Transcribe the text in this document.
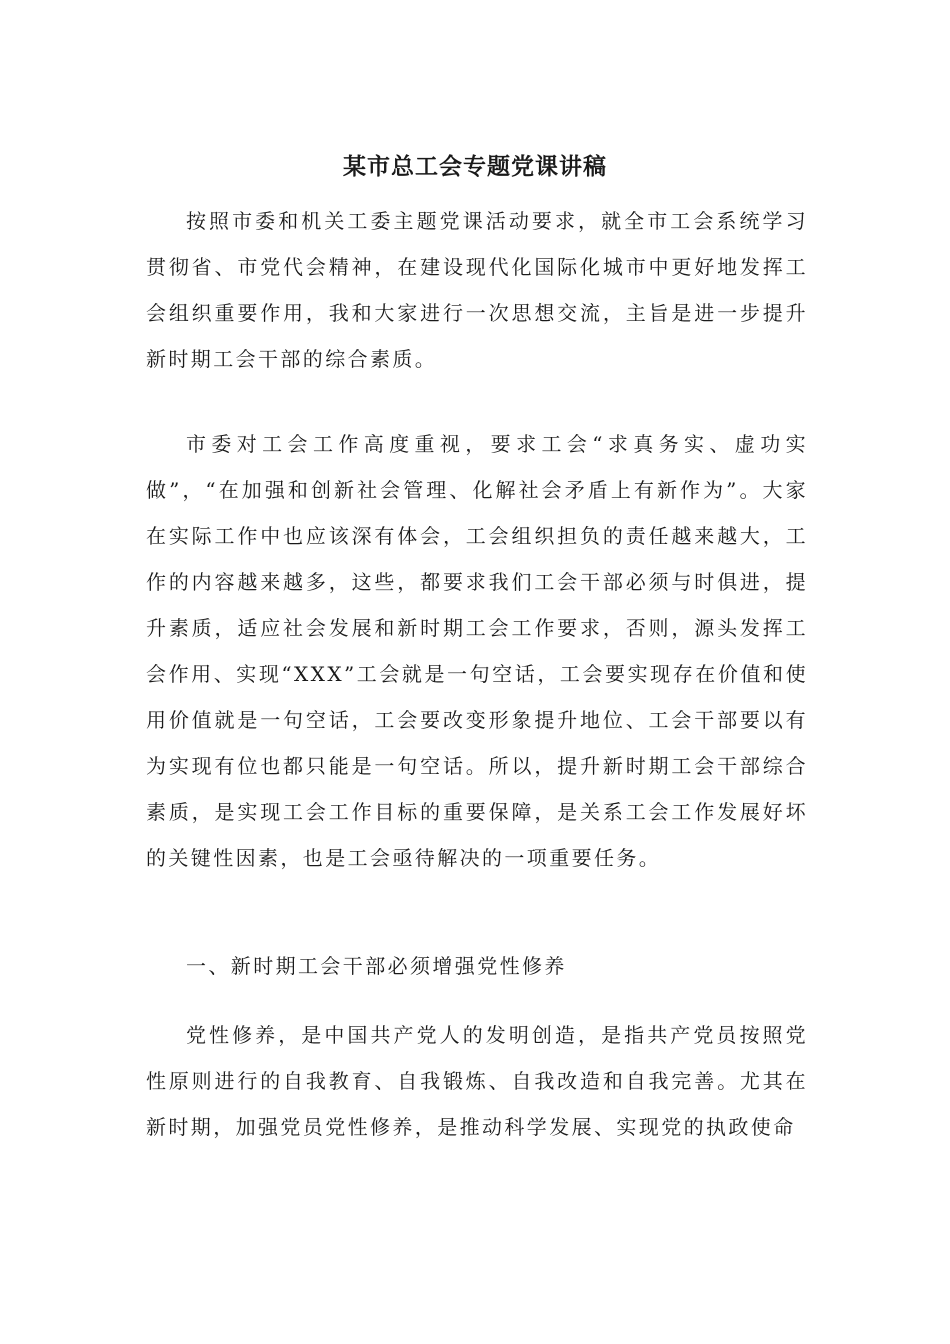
某市总工会专题党课讲稿

按照市委和机关工委主题党课活动要求，就全市工会系统学习贯彻省、市党代会精神，在建设现代化国际化城市中更好地发挥工会组织重要作用，我和大家进行一次思想交流，主旨是进一步提升新时期工会干部的综合素质。

市委对工会工作高度重视，要求工会“求真务实、虚功实做”，“在加强和创新社会管理、化解社会矛盾上有新作为”。大家在实际工作中也应该深有体会，工会组织担负的责任越来越大，工作的内容越来越多，这些，都要求我们工会干部必须与时俱进，提升素质，适应社会发展和新时期工会工作要求，否则，源头发挥工会作用、实现“XXX”工会就是一句空话，工会要实现存在价值和使用价值就是一句空话，工会要改变形象提升地位、工会干部要以有为实现有位也都只能是一句空话。所以，提升新时期工会干部综合素质，是实现工会工作目标的重要保障，是关系工会工作发展好坏的关键性因素，也是工会亟待解决的一项重要任务。

一、新时期工会干部必须增强党性修养

党性修养，是中国共产党人的发明创造，是指共产党员按照党性原则进行的自我教育、自我锻炼、自我改造和自我完善。尤其在新时期，加强党员党性修养，是推动科学发展、实现党的执政使命
